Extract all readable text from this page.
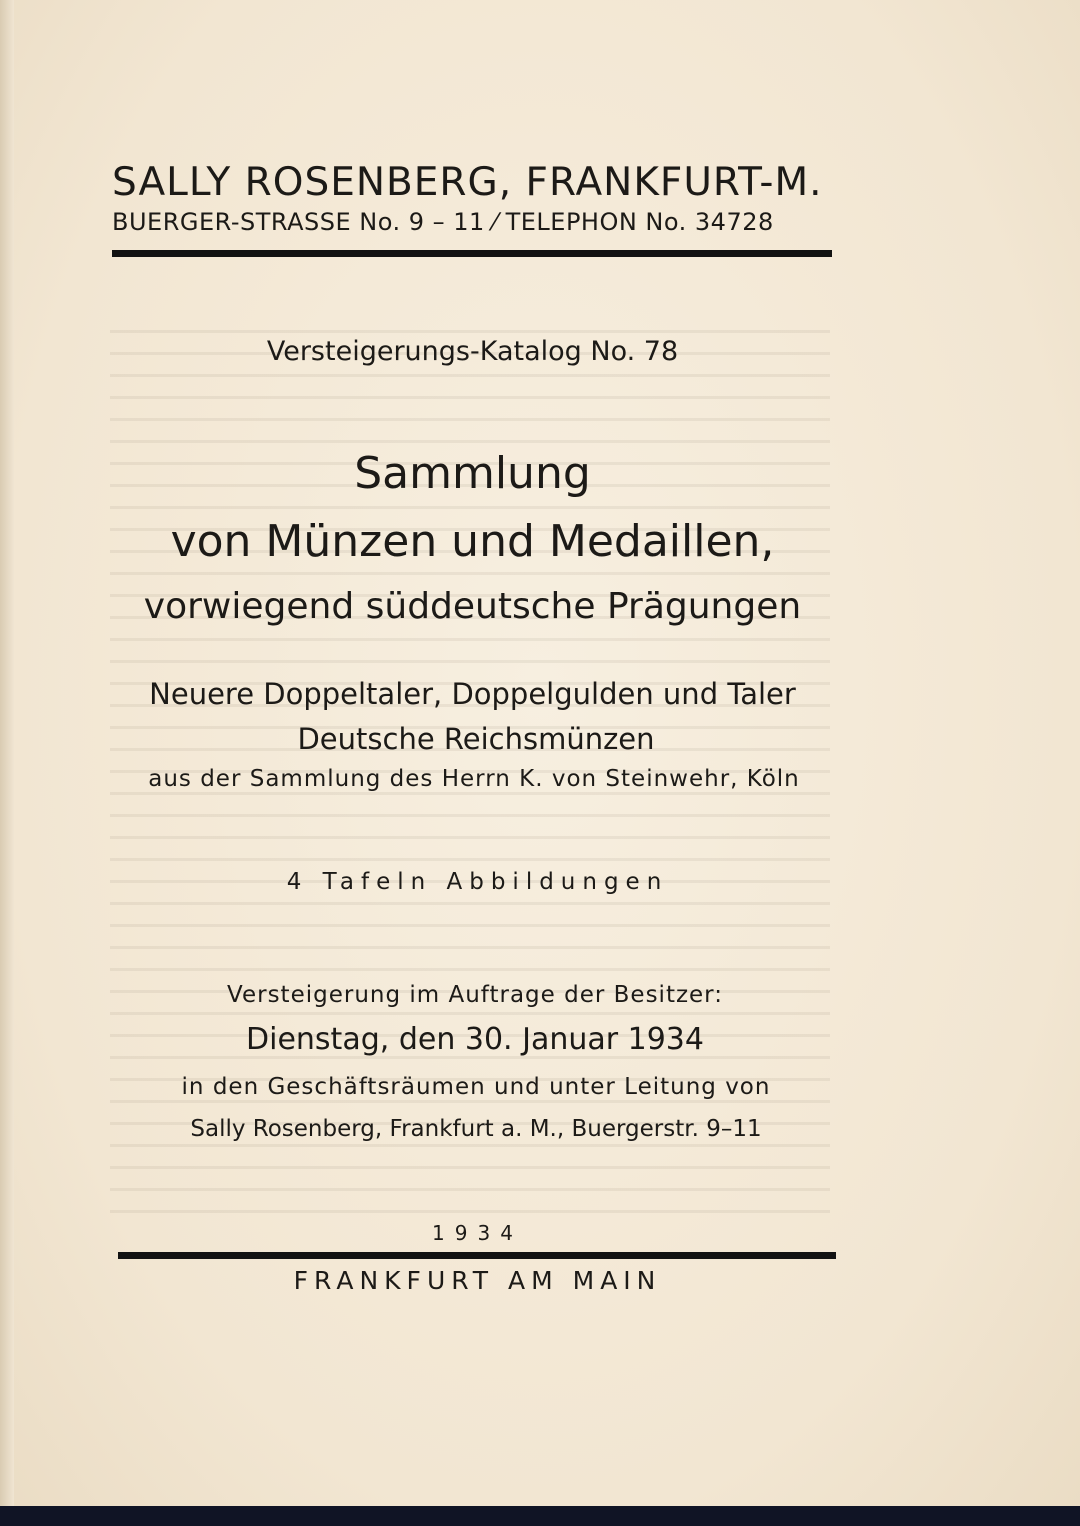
SALLY ROSENBERG, FRANKFURT-M.
BUERGER-STRASSE No. 9 – 11 ⁄ TELEPHON No. 34728
Versteigerungs-Katalog No. 78
Sammlung
von Münzen und Medaillen,
vorwiegend süddeutsche Prägungen
Neuere Doppeltaler, Doppelgulden und Taler
Deutsche Reichsmünzen
aus der Sammlung des Herrn K. von Steinwehr, Köln
4 Tafeln Abbildungen
Versteigerung im Auftrage der Besitzer:
Dienstag, den 30. Januar 1934
in den Geschäftsräumen und unter Leitung von
Sally Rosenberg, Frankfurt a. M., Buergerstr. 9–11
1934
FRANKFURT AM MAIN
